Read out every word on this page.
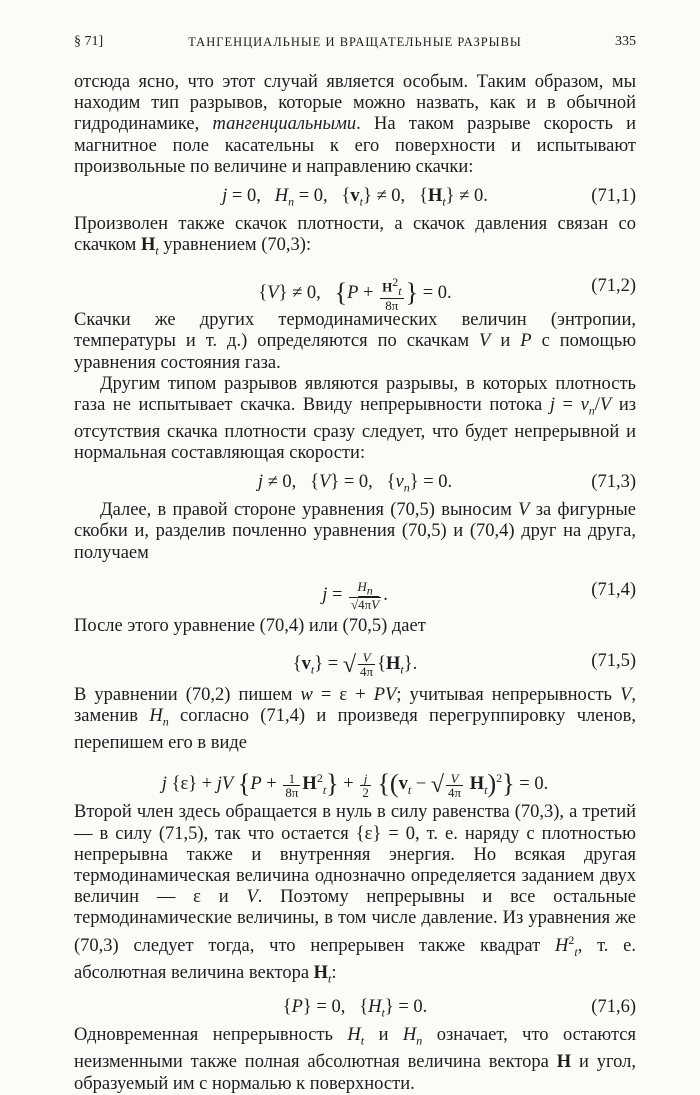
§ 71]	ТАНГЕНЦИАЛЬНЫЕ И ВРАЩАТЕЛЬНЫЕ РАЗРЫВЫ	335

отсюда ясно, что этот случай является особым. Таким образом, мы находим тип разрывов, которые можно назвать, как и в обычной гидродинамике, тангенциальными. На таком разрыве скорость и магнитное поле касательны к его поверхности и испытывают произвольные по величине и направлению скачки:

j = 0,   $H_n = 0$,   $\{v_t\} \ne 0$,   $\{H_t\} \ne 0$.	(71,1)

Произволен также скачок плотности, а скачок давления связан со скачком $H_t$ уравнением (70,3):

{V} ≠ 0,   {$P + \frac{H^2_t}{8\pi}$ } = 0.	(71,2)

Скачки же других термодинамических величин (энтропии, температуры и т. д.) определяются по скачкам V и P с помощью уравнения состояния газа.

Другим типом разрывов являются разрывы, в которых плотность газа не испытывает скачка. Ввиду непрерывности потока $j = v_n/V$ из отсутствия скачка плотности сразу следует, что будет непрерывной и нормальная составляющая скорости:

j ≠ 0,   {V} = 0,   $\{v_n\} = 0$.	(71,3)

Далее, в правой стороне уравнения (70,5) выносим V за фигурные скобки и, разделив почленно уравнения (70,5) и (70,4) друг на друга, получаем

$j = \frac{H_n}{√4\pi V}$ .	(71,4)

После этого уравнение (70,4) или (70,5) дает

$\{v_t\}$ = √ $\frac{V}{4\pi} \{H_t\}$.	(71,5)

В уравнении (70,2) пишем w = ε + PV; учитывая непрерывность V, заменив $H_n$ согласно (71,4) и произведя перегруппировку членов, перепишем его в виде

j {ε} + jV $\{P + \frac{1}{8\pi} H^2_t\} + \frac{j}{2} \{(v_t$ − √ $\frac{V}{4\pi} H_t)^2\} = 0$.

Второй член здесь обращается в нуль в силу равенства (70,3), а третий — в силу (71,5), так что остается {ε} = 0, т. е. наряду с плотностью непрерывна также и внутренняя энергия. Но всякая другая термодинамическая величина однозначно определяется заданием двух величин — ε и V. Поэтому непрерывны и все остальные термодинамические величины, в том числе давление. Из уравнения же (70,3) следует тогда, что непрерывен также квадрат $H^2_t$, т. е. абсолютная величина вектора $H_t$:

{P} = 0,   $\{H_t\} = 0$.	(71,6)

Одновременная непрерывность $H_t$ и $H_n$ означает, что остаются неизменными также полная абсолютная величина вектора H и угол, образуемый им с нормалью к поверхности.
